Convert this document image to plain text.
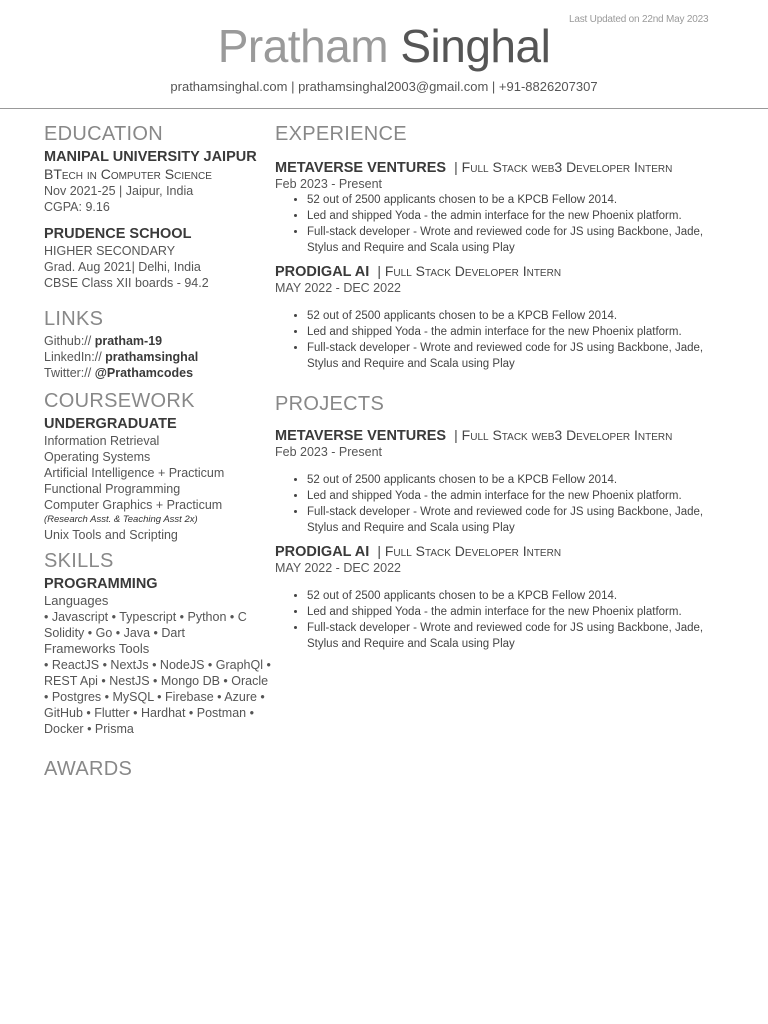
Last Updated on 22nd May 2023
Pratham Singhal
prathamsinghal.com | prathamsinghal2003@gmail.com | +91-8826207307
EDUCATION
MANIPAL UNIVERSITY JAIPUR
BTech in Computer Science
Nov 2021-25 | Jaipur, India
CGPA: 9.16
PRUDENCE SCHOOL
HIGHER SECONDARY
Grad. Aug 2021| Delhi, India
CBSE Class XII boards - 94.2
LINKS
Github:// pratham-19
LinkedIn:// prathamsinghal
Twitter:// @Prathamcodes
COURSEWORK
UNDERGRADUATE
Information Retrieval
Operating Systems
Artificial Intelligence + Practicum
Functional Programming
Computer Graphics + Practicum
(Research Asst. & Teaching Asst 2x)
Unix Tools and Scripting
SKILLS
PROGRAMMING
Languages
• Javascript • Typescript • Python • C
Solidity • Go • Java • Dart
Frameworks Tools
• ReactJS • NextJs • NodeJS • GraphQl •
REST Api • NestJS • Mongo DB • Oracle
• Postgres • MySQL • Firebase • Azure •
GitHub • Flutter • Hardhat • Postman •
Docker • Prisma
AWARDS
EXPERIENCE
METAVERSE VENTURES | Full Stack web3 Developer Intern
Feb 2023 - Present
• 52 out of 2500 applicants chosen to be a KPCB Fellow 2014.
• Led and shipped Yoda - the admin interface for the new Phoenix platform.
• Full-stack developer - Wrote and reviewed code for JS using Backbone, Jade, Stylus and Require and Scala using Play
PRODIGAL AI | Full Stack Developer Intern
MAY 2022 - DEC 2022
• 52 out of 2500 applicants chosen to be a KPCB Fellow 2014.
• Led and shipped Yoda - the admin interface for the new Phoenix platform.
• Full-stack developer - Wrote and reviewed code for JS using Backbone, Jade, Stylus and Require and Scala using Play
PROJECTS
METAVERSE VENTURES | Full Stack web3 Developer Intern
Feb 2023 - Present
• 52 out of 2500 applicants chosen to be a KPCB Fellow 2014.
• Led and shipped Yoda - the admin interface for the new Phoenix platform.
• Full-stack developer - Wrote and reviewed code for JS using Backbone, Jade, Stylus and Require and Scala using Play
PRODIGAL AI | Full Stack Developer Intern
MAY 2022 - DEC 2022
• 52 out of 2500 applicants chosen to be a KPCB Fellow 2014.
• Led and shipped Yoda - the admin interface for the new Phoenix platform.
• Full-stack developer - Wrote and reviewed code for JS using Backbone, Jade, Stylus and Require and Scala using Play
